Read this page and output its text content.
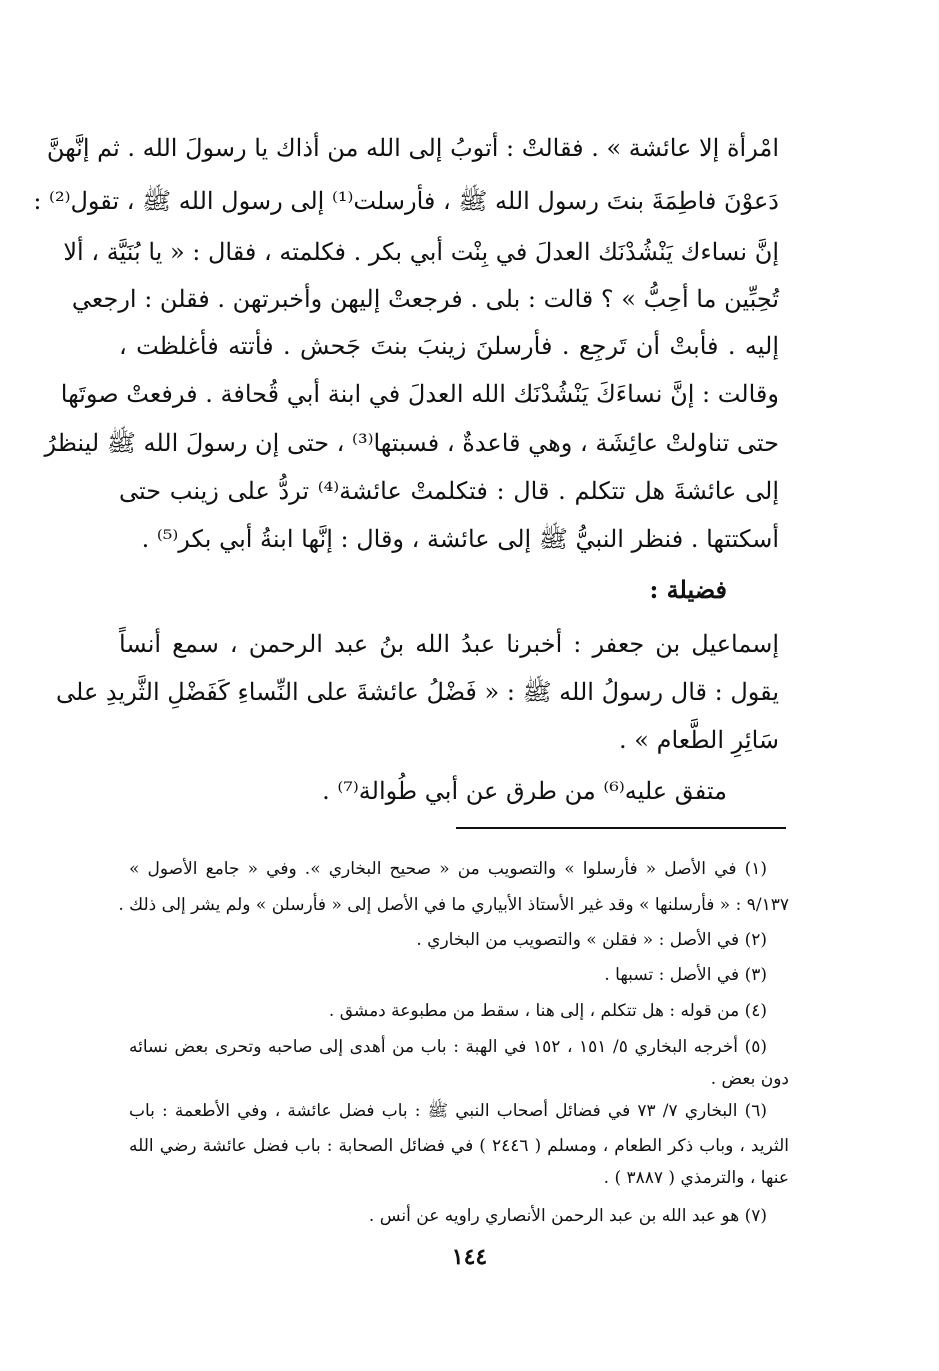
امْرأة إلا عائشة » . فقالتْ : أتوبُ إلى الله من أذاك يا رسولَ الله . ثم إنَّهنَّ
دَعوْنَ فاطِمَةَ بنتَ رسول الله ﷺ ، فأرسلت⁽¹⁾ إلى رسول الله ﷺ ، تقول⁽²⁾ :
إنَّ نساءك يَنْشُدْنَك العدلَ في بِنْت أبي بكر . فكلمته ، فقال : « يا بُنَيَّة ، ألا
تُحِبِّين ما أحِبُّ » ؟ قالت : بلى . فرجعتْ إليهن وأخبرتهن . فقلن : ارجعي
إليه . فأبتْ أن تَرجِع . فأرسلنَ زينبَ بنتَ جَحش . فأتته فأغلظت ،
وقالت : إنَّ نساءَكَ يَنْشُدْنَك الله العدلَ في ابنة أبي قُحافة . فرفعتْ صوتَها
حتى تناولتْ عائِشَة ، وهي قاعدةٌ ، فسبتها⁽³⁾ ، حتى إن رسولَ الله ﷺ لينظرُ
إلى عائشةَ هل تتكلم . قال : فتكلمتْ عائشة⁽⁴⁾ تردُّ على زينب حتى
أسكتتها . فنظر النبيُّ ﷺ إلى عائشة ، وقال : إنَّها ابنةُ أبي بكر⁽⁵⁾ .
فضيلة :
إسماعيل بن جعفر : أخبرنا عبدُ الله بنُ عبد الرحمن ، سمع أنساً
يقول : قال رسولُ الله ﷺ : « فَضْلُ عائشةَ على النِّساءِ كَفَضْلِ الثَّريدِ على
سَائِرِ الطَّعام » .
متفق عليه⁽⁶⁾ من طرق عن أبي طُوالة⁽⁷⁾ .
(١) في الأصل « فأرسلوا » والتصويب من « صحيح البخاري ». وفي « جامع الأصول »
٩/١٣٧ : « فأرسلنها » وقد غير الأستاذ الأبياري ما في الأصل إلى « فأرسلن » ولم يشر إلى ذلك .
(٢) في الأصل : « فقلن » والتصويب من البخاري .
(٣) في الأصل : تسبها .
(٤) من قوله : هل تتكلم ، إلى هنا ، سقط من مطبوعة دمشق .
(٥) أخرجه البخاري ٥/ ١٥١ ، ١٥٢ في الهبة : باب من أهدى إلى صاحبه وتحرى بعض نسائه
دون بعض .
(٦) البخاري ٧/ ٧٣ في فضائل أصحاب النبي ﷺ : باب فضل عائشة ، وفي الأطعمة : باب
الثريد ، وباب ذكر الطعام ، ومسلم ( ٢٤٤٦ ) في فضائل الصحابة : باب فضل عائشة رضي الله
عنها ، والترمذي ( ٣٨٨٧ ) .
(٧) هو عبد الله بن عبد الرحمن الأنصاري راويه عن أنس .
١٤٤
